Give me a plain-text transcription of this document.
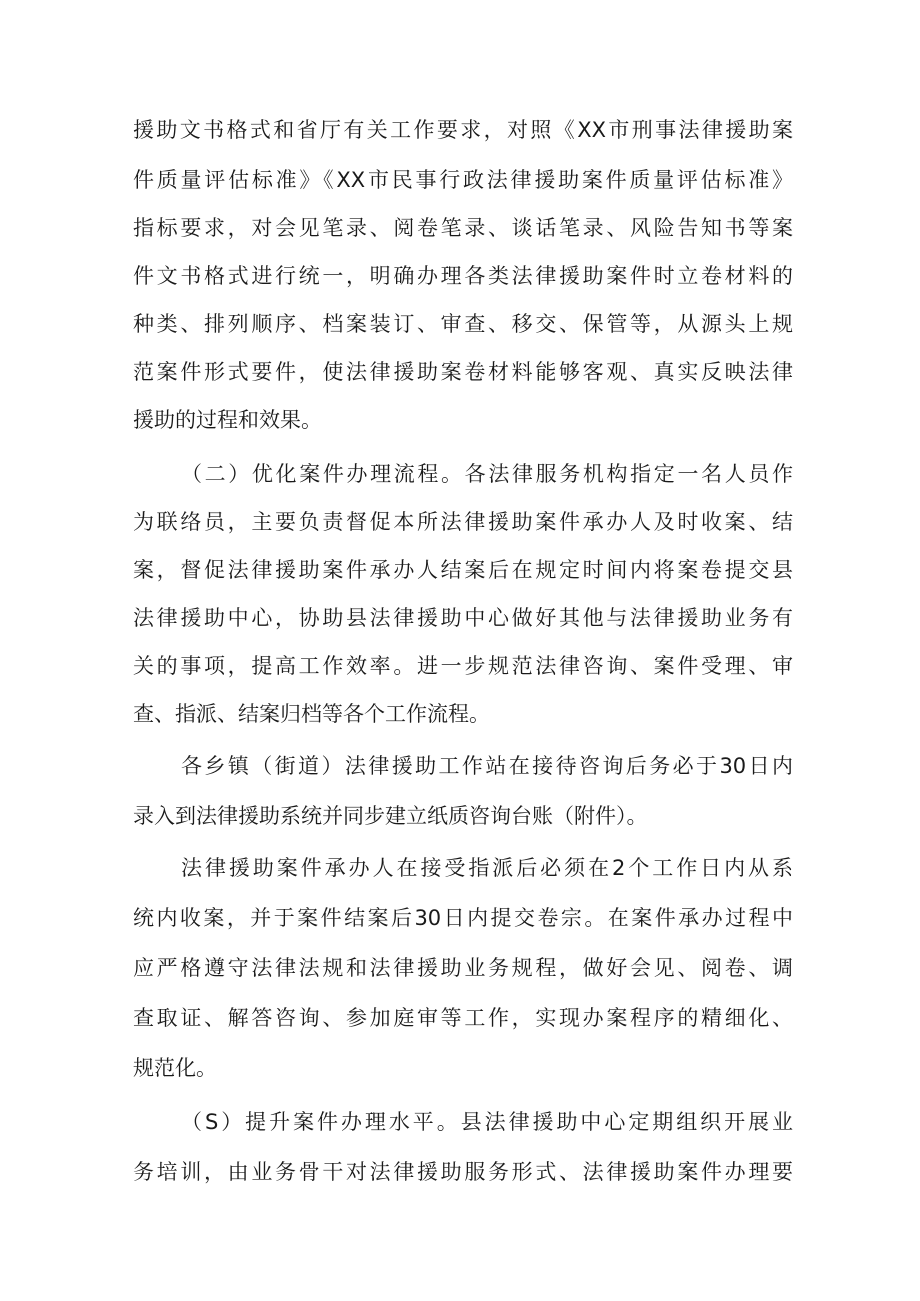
援助文书格式和省厅有关工作要求，对照《XX市刑事法律援助案

件质量评估标准》《XX市民事行政法律援助案件质量评估标准》

指标要求，对会见笔录、阅卷笔录、谈话笔录、风险告知书等案

件文书格式进行统一，明确办理各类法律援助案件时立卷材料的

种类、排列顺序、档案装订、审查、移交、保管等，从源头上规

范案件形式要件，使法律援助案卷材料能够客观、真实反映法律

援助的过程和效果。

（二）优化案件办理流程。各法律服务机构指定一名人员作

为联络员，主要负责督促本所法律援助案件承办人及时收案、结

案，督促法律援助案件承办人结案后在规定时间内将案卷提交县

法律援助中心，协助县法律援助中心做好其他与法律援助业务有

关的事项，提高工作效率。进一步规范法律咨询、案件受理、审

查、指派、结案归档等各个工作流程。

各乡镇（街道）法律援助工作站在接待咨询后务必于30日内

录入到法律援助系统并同步建立纸质咨询台账（附件）。

法律援助案件承办人在接受指派后必须在2个工作日内从系

统内收案，并于案件结案后30日内提交卷宗。在案件承办过程中

应严格遵守法律法规和法律援助业务规程，做好会见、阅卷、调

查取证、解答咨询、参加庭审等工作，实现办案程序的精细化、

规范化。

（S）提升案件办理水平。县法律援助中心定期组织开展业

务培训，由业务骨干对法律援助服务形式、法律援助案件办理要
